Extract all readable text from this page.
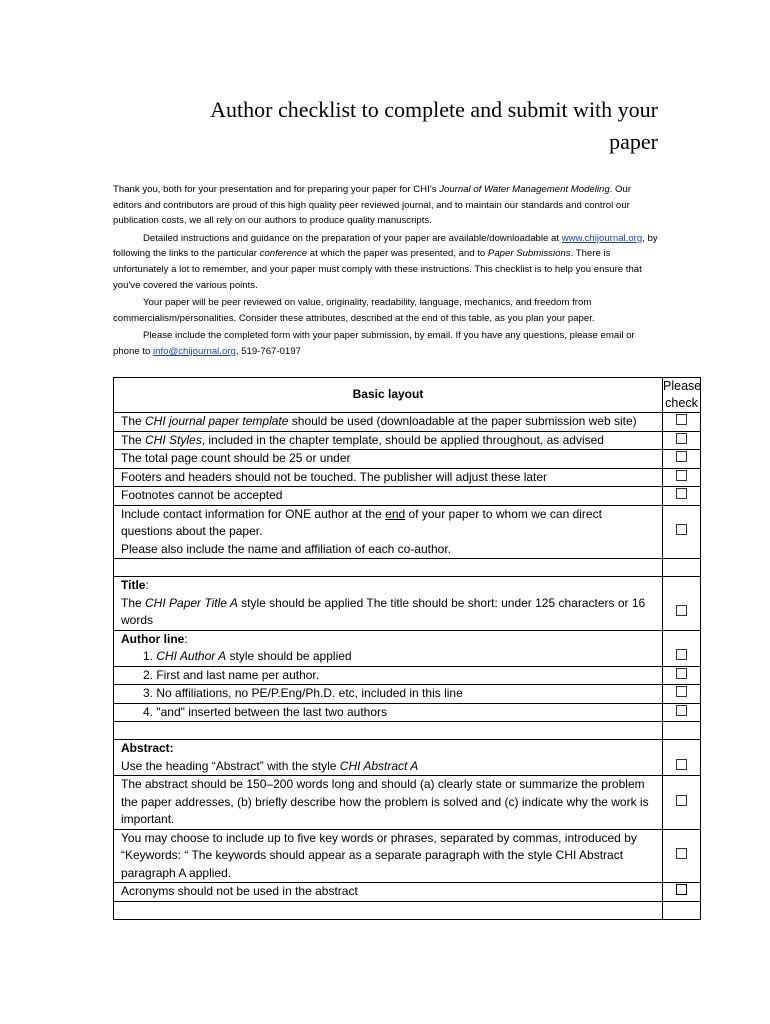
Author checklist to complete and submit with your paper

Thank you, both for your presentation and for preparing your paper for CHI’s Journal of Water Management Modeling. Our editors and contributors are proud of this high quality peer reviewed journal, and to maintain our standards and control our publication costs, we all rely on our authors to produce quality manuscripts.

Detailed instructions and guidance on the preparation of your paper are available/downloadable at www.chijournal.org, by following the links to the particular conference at which the paper was presented, and to Paper Submissions. There is unfortunately a lot to remember, and your paper must comply with these instructions. This checklist is to help you ensure that you've covered the various points.

Your paper will be peer reviewed on value, originality, readability, language, mechanics, and freedom from commercialism/personalities. Consider these attributes, described at the end of this table, as you plan your paper.

Please include the completed form with your paper submission, by email. If you have any questions, please email or phone to info@chijournal.org, 519-767-0197

Basic layout	Please check
The CHI journal paper template should be used (downloadable at the paper submission web site)	
The CHI Styles, included in the chapter template, should be applied throughout, as advised	
The total page count should be 25 or under	
Footers and headers should not be touched. The publisher will adjust these later	
Footnotes cannot be accepted	
Include contact information for ONE author at the end of your paper to whom we can direct questions about the paper.
Please also include the name and affiliation of each co-author.	

Title:
The CHI Paper Title A style should be applied The title should be short: under 125 characters or 16 words	
Author line:

1. CHI Author A style should be applied	

2. First and last name per author.	

3. No affiliations, no PE/P.Eng/Ph.D. etc, included in this line	

4. "and" inserted between the last two authors	

Abstract:
Use the heading “Abstract” with the style CHI Abstract A	
The abstract should be 150–200 words long and should (a) clearly state or summarize the problem the paper addresses, (b) briefly describe how the problem is solved and (c) indicate why the work is important.	
You may choose to include up to five key words or phrases, separated by commas, introduced by “Keywords: “ The keywords should appear as a separate paragraph with the style CHI Abstract paragraph A applied.	
Acronyms should not be used in the abstract	
